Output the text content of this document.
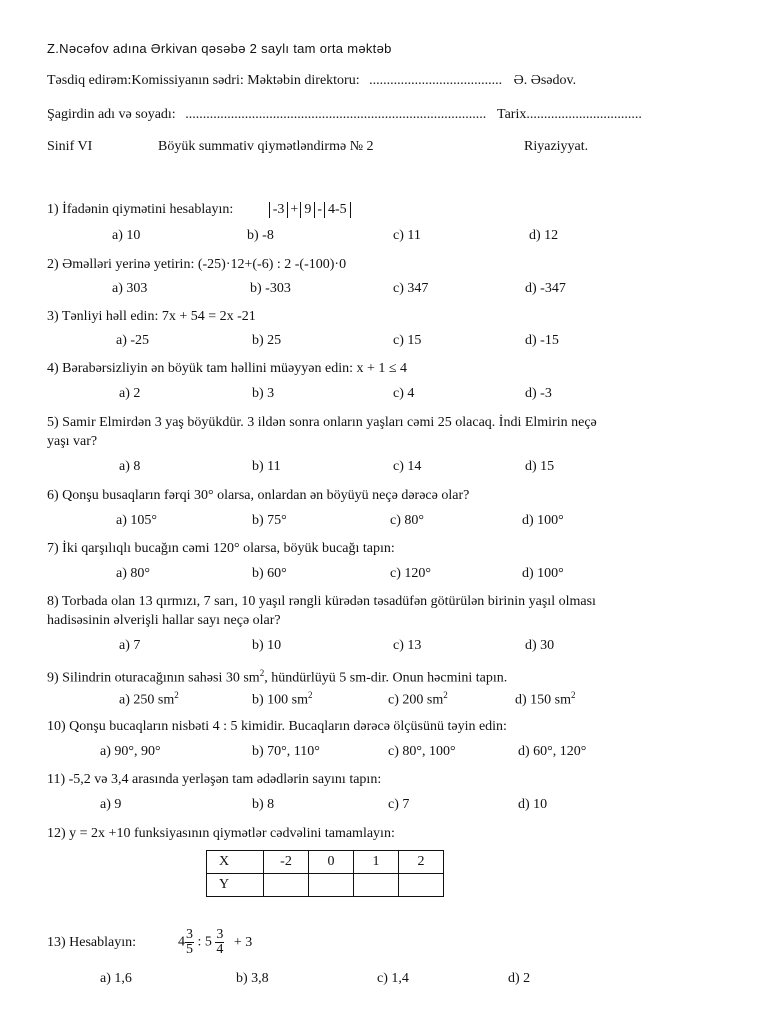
Z.Nəcəfov adına Ərkivan qəsəbə 2 saylı tam orta məktəb
Təsdiq edirəm:Komissiyanın sədri: Məktəbin direktoru: ...................................... Ə. Əsədov.
Şagirdin adı və soyadı: ...................................................................................... Tarix.................................
Sinif VI	Böyük summativ qiymətləndirmə № 2	Riyaziyyat.
1) İfadənin qiymətini hesablayın:	-3 + 9 - 4-5
a) 10	b) -8	c) 11	d) 12
2) Əməlləri yerinə yetirin: (-25)·12+(-6) : 2 -(-100)·0
a) 303	b) -303	c) 347	d) -347
3) Tənliyi həll edin: 7x + 54 = 2x -21
a) -25	b) 25	c) 15	d) -15
4) Bərabərsizliyin ən böyük tam həllini müəyyən edin: x + 1 ≤ 4
a) 2	b) 3	c) 4	d) -3
5) Samir Elmirdən 3 yaş böyükdür. 3 ildən sonra onların yaşları cəmi 25 olacaq. İndi Elmirin neçə
yaşı var?
a) 8	b) 11	c) 14	d) 15
6) Qonşu busaqların fərqi 30° olarsa, onlardan ən böyüyü neçə dərəcə olar?
a) 105°	b) 75°	c) 80°	d) 100°
7) İki qarşılıqlı bucağın cəmi 120° olarsa, böyük bucağı tapın:
a) 80°	b) 60°	c) 120°	d) 100°
8) Torbada olan 13 qırmızı, 7 sarı, 10 yaşıl rəngli kürədən təsadüfən götürülən birinin yaşıl olması
hadisəsinin əlverişli hallar sayı neçə olar?
a) 7	b) 10	c) 13	d) 30
9) Silindrin oturacağının sahəsi 30 $sm^2$, hündürlüyü 5 sm-dir. Onun həcmini tapın.
a) 250 $sm^2$	b) 100 $sm^2$	c) 200 $sm^2$	d) 150 $sm^2$
10) Qonşu bucaqların nisbəti 4 : 5 kimidir. Bucaqların dərəcə ölçüsünü təyin edin:
a) 90°, 90°	b) 70°, 110°	c) 80°, 100°	d) 60°, 120°
11) -5,2 və 3,4 arasında yerləşən tam ədədlərin sayını tapın:
a) 9	b) 8	c) 7	d) 10
12) y = 2x +10 funksiyasının qiymətlər cədvəlini tamamlayın:
X	-2	0	1	2
Y				
13) Hesablayın:	$4 \frac{3}{5}$ : $5 \frac{3}{4} + 3$
a) 1,6	b) 3,8	c) 1,4	d) 2
